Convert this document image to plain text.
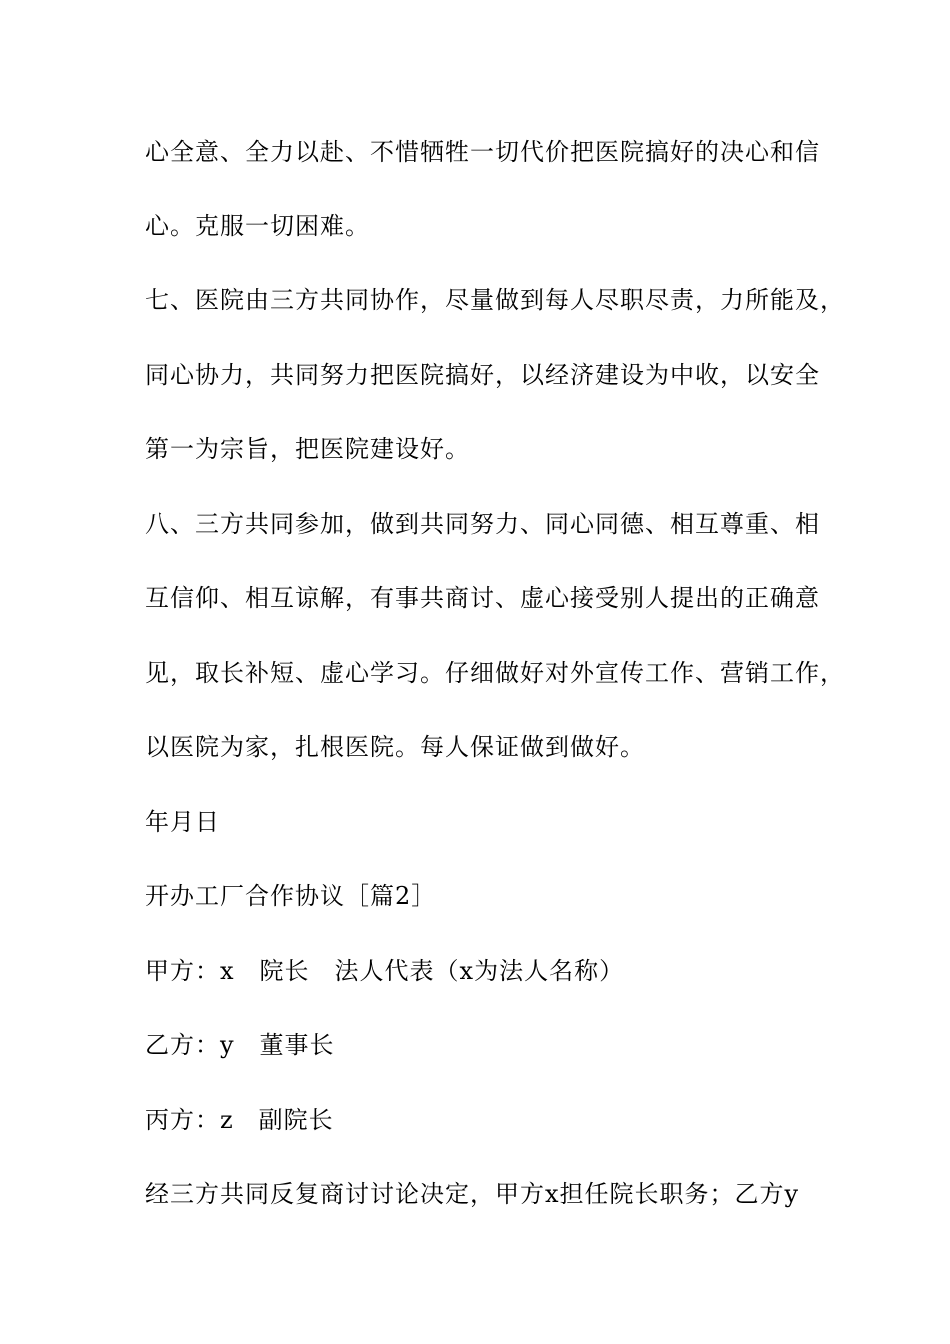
心全意、全力以赴、不惜牺牲一切代价把医院搞好的决心和信
心。克服一切困难。
七、医院由三方共同协作，尽量做到每人尽职尽责，力所能及，
同心协力，共同努力把医院搞好，以经济建设为中收，以安全
第一为宗旨，把医院建设好。
八、三方共同参加，做到共同努力、同心同德、相互尊重、相
互信仰、相互谅解，有事共商讨、虚心接受别人提出的正确意
见，取长补短、虚心学习。仔细做好对外宣传工作、营销工作，
以医院为家，扎根医院。每人保证做到做好。
年月日
开办工厂合作协议［篇2］
甲方：x　院长　法人代表（x为法人名称）
乙方：y　董事长
丙方：z　副院长
经三方共同反复商讨讨论决定，甲方x担任院长职务；乙方y
